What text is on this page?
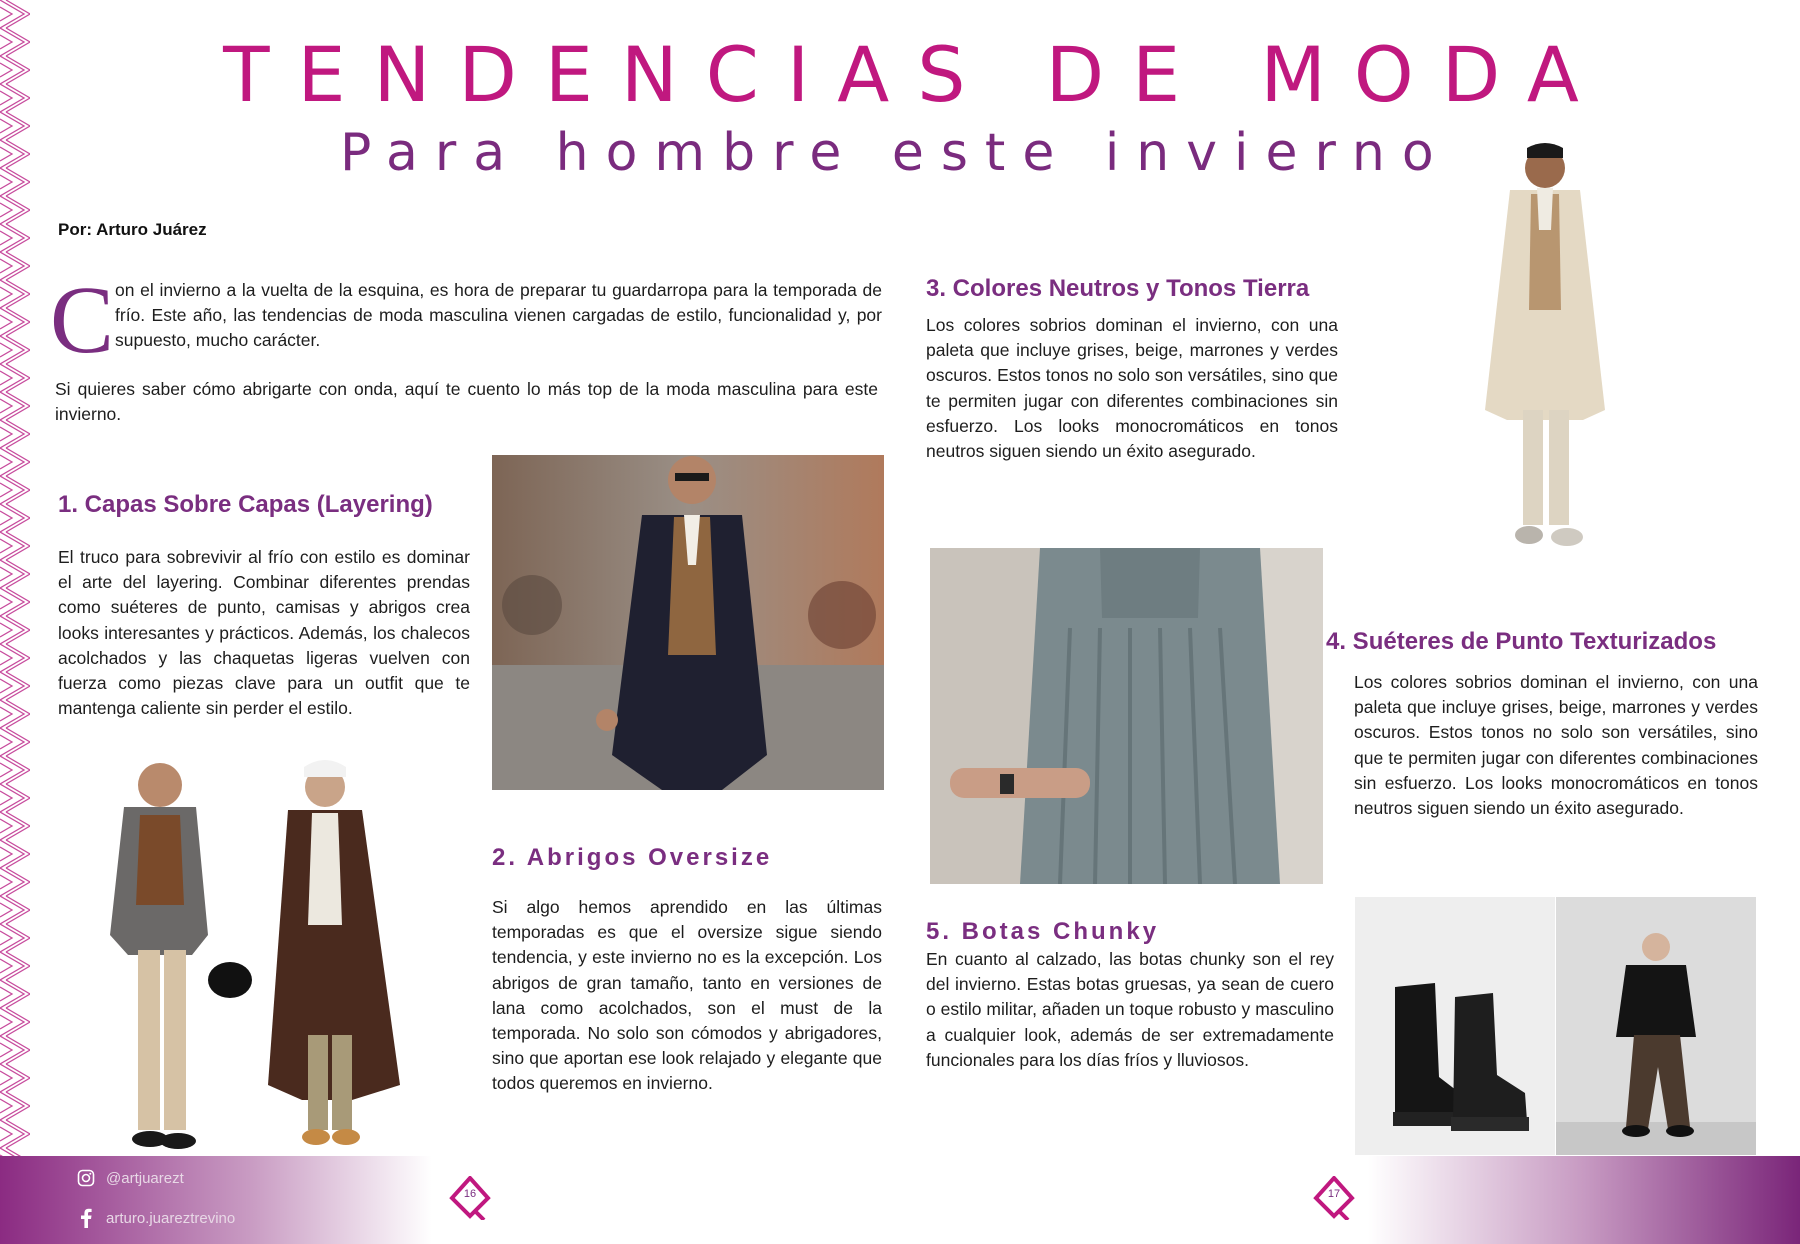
TENDENCIAS DE MODA
Para hombre este invierno
Por: Arturo Juárez
C on el invierno a la vuelta de la esquina, es hora de preparar tu guardarropa para la temporada de frío. Este año, las tendencias de moda masculina vienen cargadas de estilo, funcionalidad y, por supuesto, mucho carácter.

Si quieres saber cómo abrigarte con onda, aquí te cuento lo más top de la moda masculina para este invierno.

1. Capas Sobre Capas (Layering)

El truco para sobrevivir al frío con estilo es dominar el arte del layering. Combinar diferentes prendas como suéteres de punto, camisas y abrigos crea looks interesantes y prácticos. Además, los chalecos acolchados y las chaquetas ligeras vuelven con fuerza como piezas clave para un outfit que te mantenga caliente sin perder el estilo.

2. Abrigos Oversize

Si algo hemos aprendido en las últimas temporadas es que el oversize sigue siendo tendencia, y este invierno no es la excepción. Los abrigos de gran tamaño, tanto en versiones de lana como acolchados, son el must de la temporada. No solo son cómodos y abrigadores, sino que aportan ese look relajado y elegante que todos queremos en invierno.

3. Colores Neutros y Tonos Tierra

Los colores sobrios dominan el invierno, con una paleta que incluye grises, beige, marrones y verdes oscuros. Estos tonos no solo son versátiles, sino que te permiten jugar con diferentes combinaciones sin esfuerzo. Los looks monocromáticos en tonos neutros siguen siendo un éxito asegurado.

4. Suéteres de Punto Texturizados

Los colores sobrios dominan el invierno, con una paleta que incluye grises, beige, marrones y verdes oscuros. Estos tonos no solo son versátiles, sino que te permiten jugar con diferentes combinaciones sin esfuerzo. Los looks monocromáticos en tonos neutros siguen siendo un éxito asegurado.

5. Botas Chunky

En cuanto al calzado, las botas chunky son el rey del invierno. Estas botas gruesas, ya sean de cuero o estilo militar, añaden un toque robusto y masculino a cualquier look, además de ser extremadamente funcionales para los días fríos y lluviosos.

@artjuarezt
arturo.juareztrevino
16	17
